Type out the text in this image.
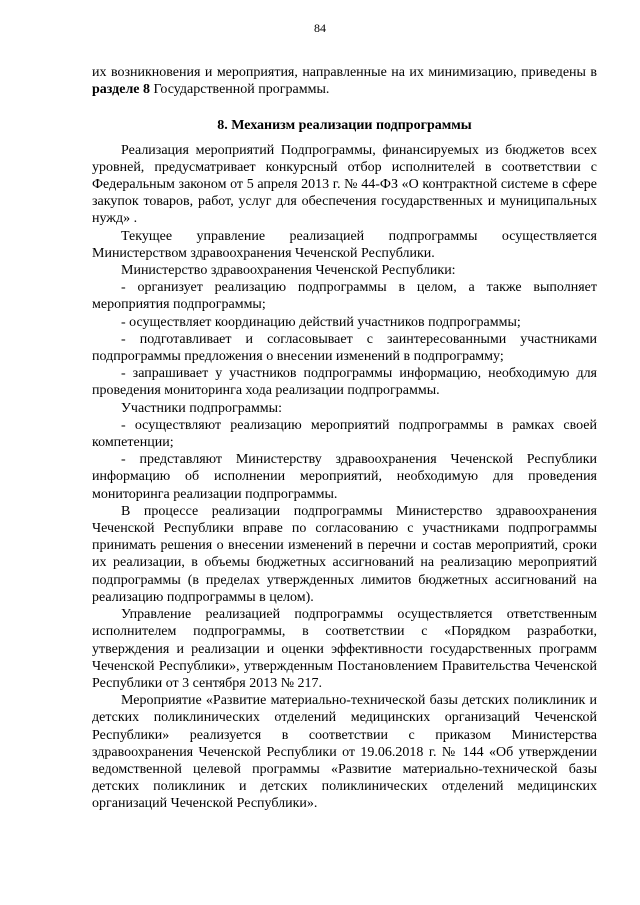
84

их возникновения и мероприятия, направленные на их минимизацию, приведены в разделе 8 Государственной программы.

8. Механизм реализации подпрограммы

Реализация мероприятий Подпрограммы, финансируемых из бюджетов всех уровней, предусматривает конкурсный отбор исполнителей в соответствии с Федеральным законом от 5 апреля 2013 г. № 44-ФЗ «О контрактной системе в сфере закупок товаров, работ, услуг для обеспечения государственных и муниципальных нужд» .

Текущее управление реализацией подпрограммы осуществляется Министерством здравоохранения Чеченской Республики.

Министерство здравоохранения Чеченской Республики:

- организует реализацию подпрограммы в целом, а также выполняет мероприятия подпрограммы;

- осуществляет координацию действий участников подпрограммы;

- подготавливает и согласовывает с заинтересованными участниками подпрограммы предложения о внесении изменений в подпрограмму;

- запрашивает у участников подпрограммы информацию, необходимую для проведения мониторинга хода реализации подпрограммы.

Участники подпрограммы:

- осуществляют реализацию мероприятий подпрограммы в рамках своей компетенции;

- представляют Министерству здравоохранения Чеченской Республики информацию об исполнении мероприятий, необходимую для проведения мониторинга реализации подпрограммы.

В процессе реализации подпрограммы Министерство здравоохранения Чеченской Республики вправе по согласованию с участниками подпрограммы принимать решения о внесении изменений в перечни и состав мероприятий, сроки их реализации, в объемы бюджетных ассигнований на реализацию мероприятий подпрограммы (в пределах утвержденных лимитов бюджетных ассигнований на реализацию подпрограммы в целом).

Управление реализацией подпрограммы осуществляется ответственным исполнителем подпрограммы, в соответствии с «Порядком разработки, утверждения и реализации и оценки эффективности государственных программ Чеченской Республики», утвержденным Постановлением Правительства Чеченской Республики от 3 сентября 2013 № 217.

Мероприятие «Развитие материально-технической базы детских поликлиник и детских поликлинических отделений медицинских организаций Чеченской Республики» реализуется в соответствии с приказом Министерства здравоохранения Чеченской Республики от 19.06.2018 г. № 144 «Об утверждении ведомственной целевой программы «Развитие материально-технической базы детских поликлиник и детских поликлинических отделений медицинских организаций Чеченской Республики».
